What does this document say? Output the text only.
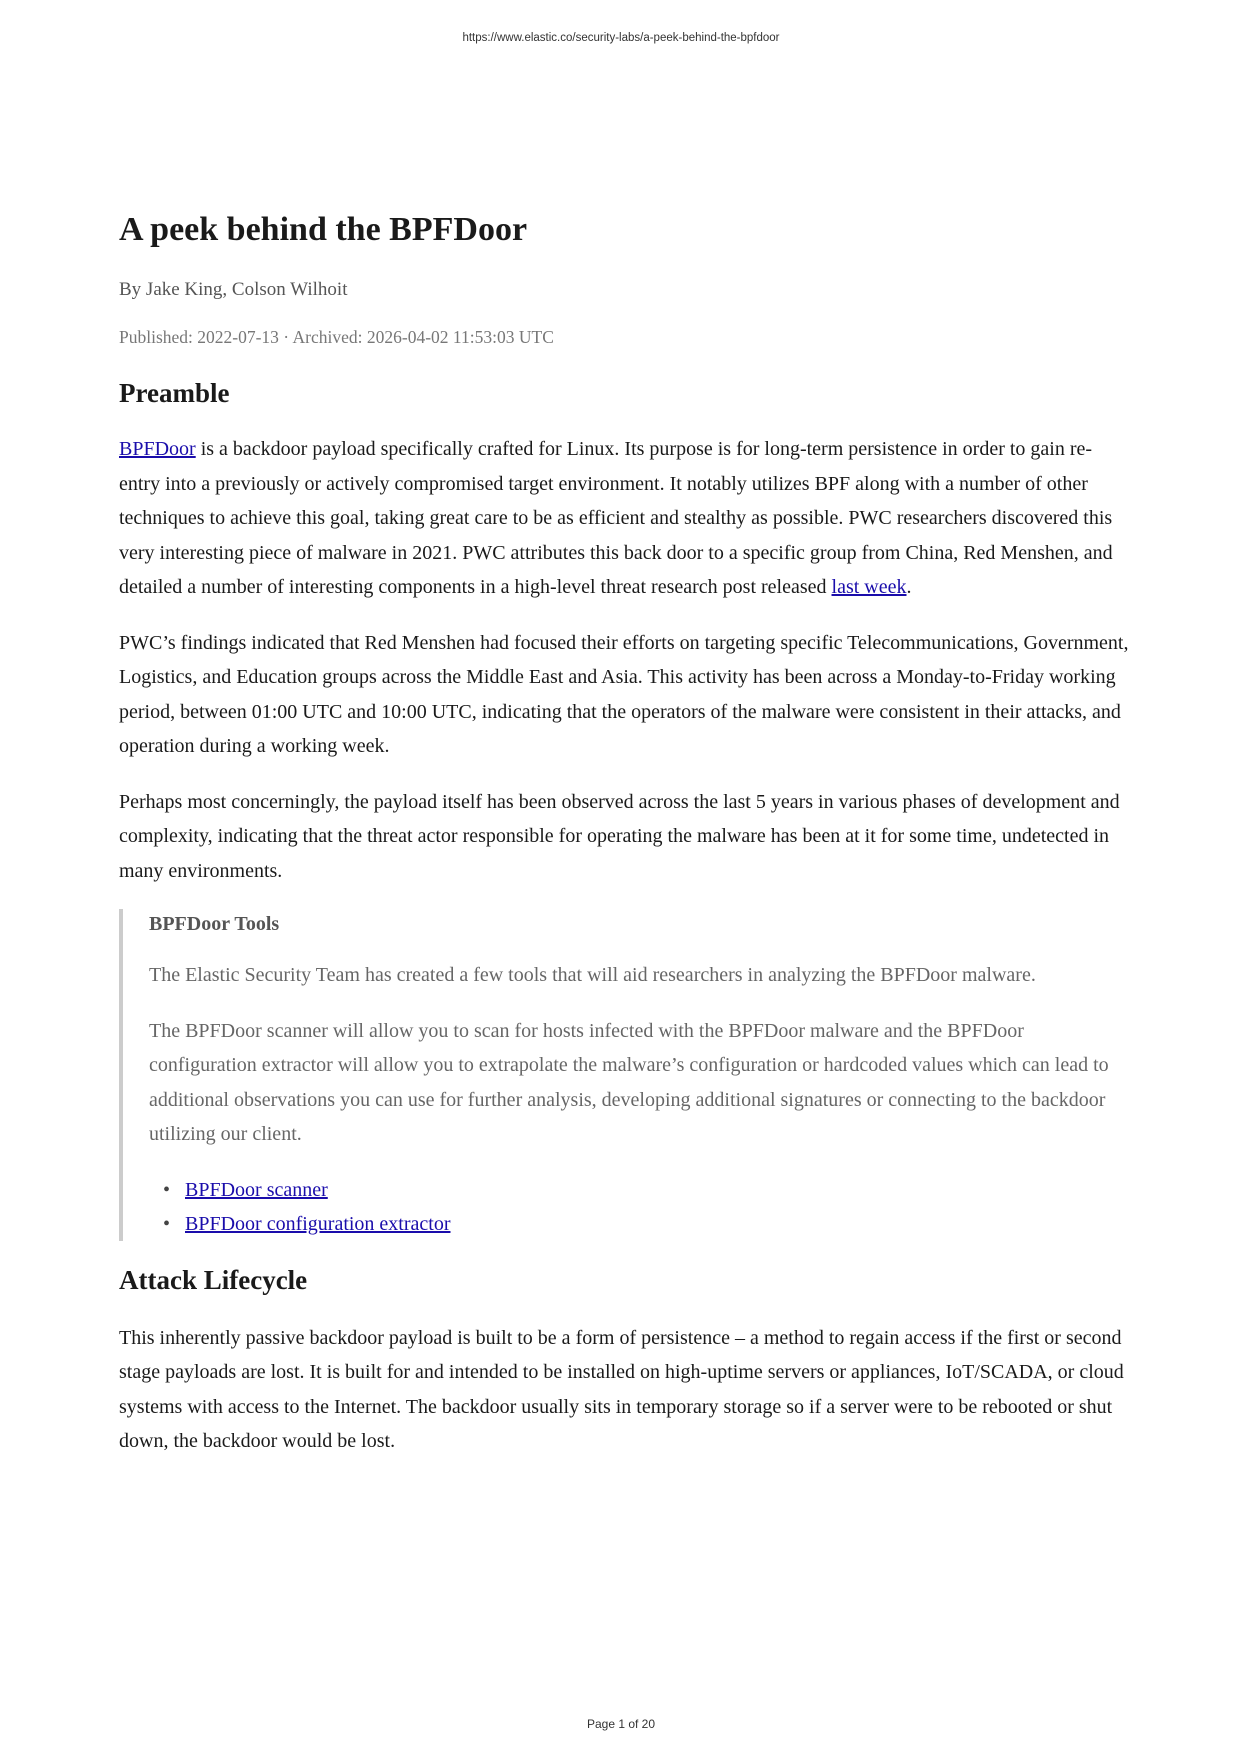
https://www.elastic.co/security-labs/a-peek-behind-the-bpfdoor
A peek behind the BPFDoor
By Jake King, Colson Wilhoit
Published: 2022-07-13 · Archived: 2026-04-02 11:53:03 UTC
Preamble

BPFDoor is a backdoor payload specifically crafted for Linux. Its purpose is for long-term persistence in order to gain re-entry into a previously or actively compromised target environment. It notably utilizes BPF along with a number of other techniques to achieve this goal, taking great care to be as efficient and stealthy as possible. PWC researchers discovered this very interesting piece of malware in 2021. PWC attributes this back door to a specific group from China, Red Menshen, and detailed a number of interesting components in a high-level threat research post released last week.

PWC’s findings indicated that Red Menshen had focused their efforts on targeting specific Telecommunications, Government, Logistics, and Education groups across the Middle East and Asia. This activity has been across a Monday-to-Friday working period, between 01:00 UTC and 10:00 UTC, indicating that the operators of the malware were consistent in their attacks, and operation during a working week.

Perhaps most concerningly, the payload itself has been observed across the last 5 years in various phases of development and complexity, indicating that the threat actor responsible for operating the malware has been at it for some time, undetected in many environments.

BPFDoor Tools

The Elastic Security Team has created a few tools that will aid researchers in analyzing the BPFDoor malware.

The BPFDoor scanner will allow you to scan for hosts infected with the BPFDoor malware and the BPFDoor configuration extractor will allow you to extrapolate the malware’s configuration or hardcoded values which can lead to additional observations you can use for further analysis, developing additional signatures or connecting to the backdoor utilizing our client.

• BPFDoor scanner
• BPFDoor configuration extractor
Attack Lifecycle

This inherently passive backdoor payload is built to be a form of persistence – a method to regain access if the first or second stage payloads are lost. It is built for and intended to be installed on high-uptime servers or appliances, IoT/SCADA, or cloud systems with access to the Internet. The backdoor usually sits in temporary storage so if a server were to be rebooted or shut down, the backdoor would be lost.

Page 1 of 20
